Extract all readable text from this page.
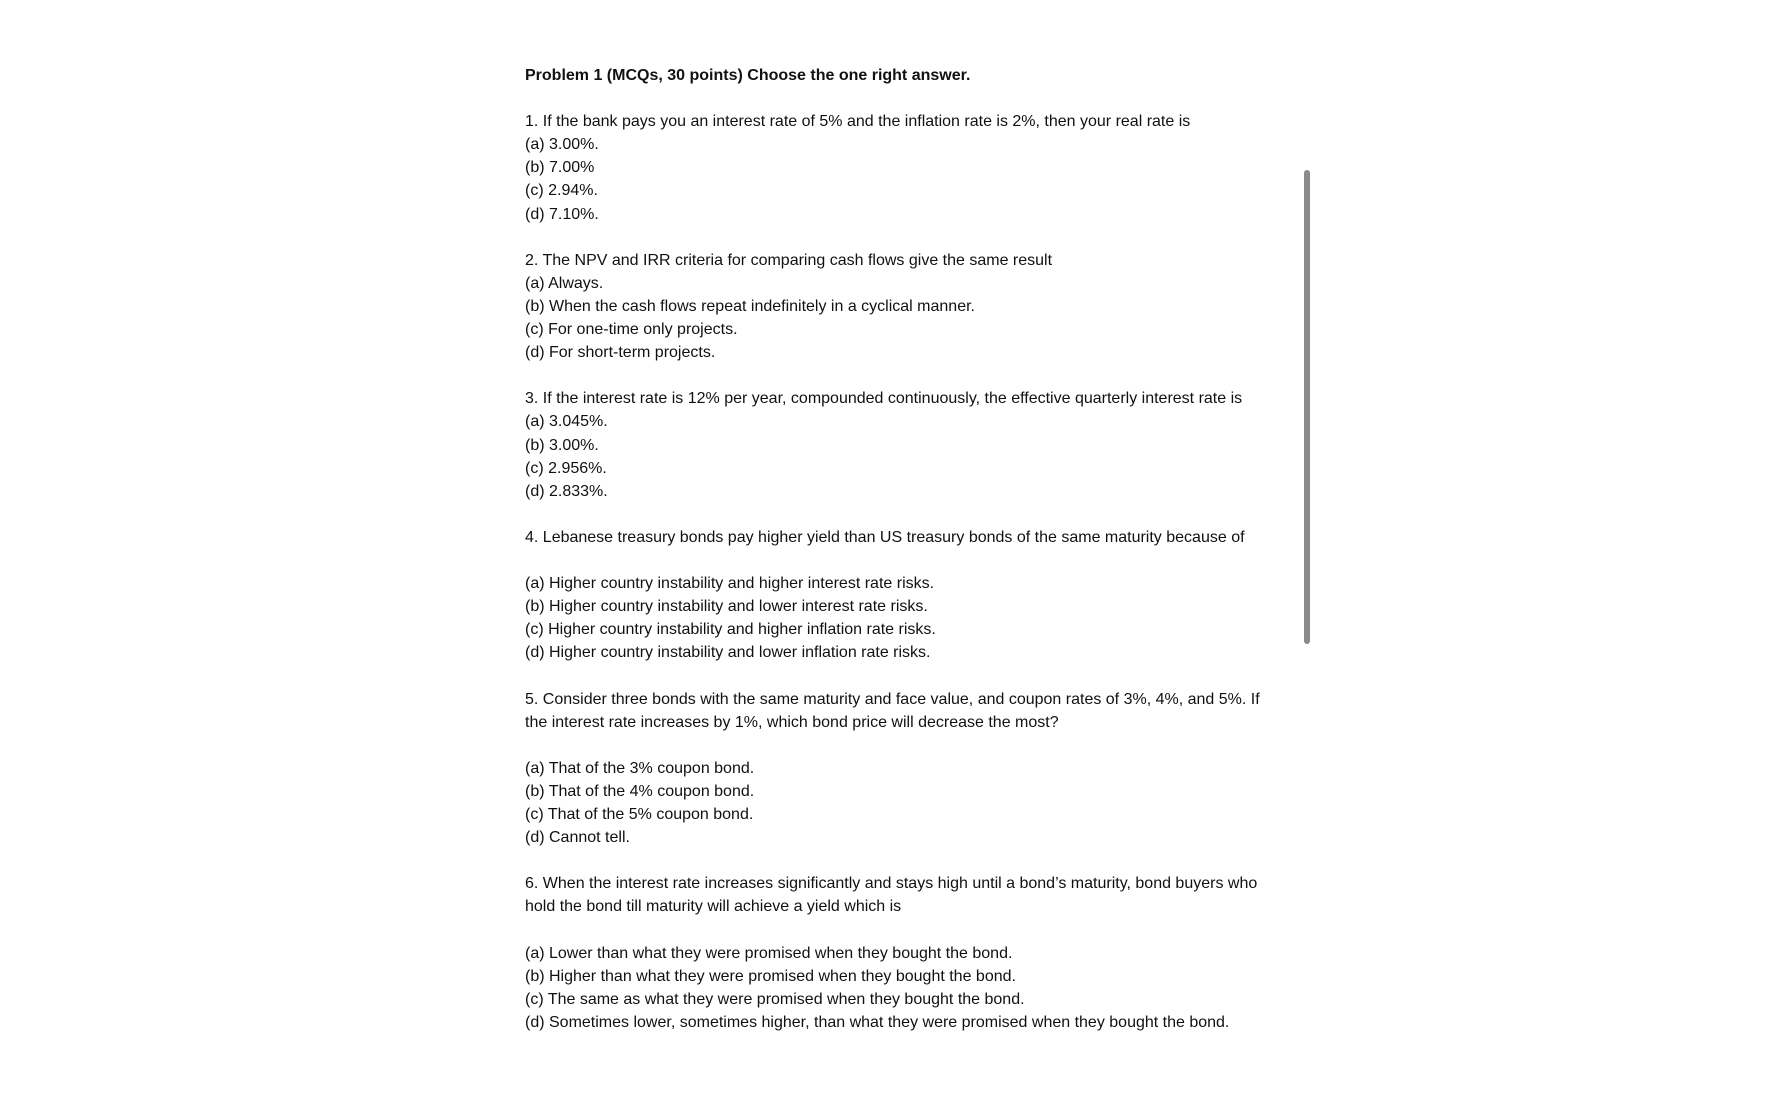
Problem 1 (MCQs, 30 points) Choose the one right answer.

1. If the bank pays you an interest rate of 5% and the inflation rate is 2%, then your real rate is

(a) 3.00%.

(b) 7.00%

(c) 2.94%.

(d) 7.10%.

2. The NPV and IRR criteria for comparing cash flows give the same result

(a) Always.

(b) When the cash flows repeat indefinitely in a cyclical manner.

(c) For one-time only projects.

(d) For short-term projects.

3. If the interest rate is 12% per year, compounded continuously, the effective quarterly interest rate is

(a) 3.045%.

(b) 3.00%.

(c) 2.956%.

(d) 2.833%.

4. Lebanese treasury bonds pay higher yield than US treasury bonds of the same maturity because of

(a) Higher country instability and higher interest rate risks.

(b) Higher country instability and lower interest rate risks.

(c) Higher country instability and higher inflation rate risks.

(d) Higher country instability and lower inflation rate risks.

5. Consider three bonds with the same maturity and face value, and coupon rates of 3%, 4%, and 5%. If the interest rate increases by 1%, which bond price will decrease the most?

(a) That of the 3% coupon bond.

(b) That of the 4% coupon bond.

(c) That of the 5% coupon bond.

(d) Cannot tell.

6. When the interest rate increases significantly and stays high until a bond’s maturity, bond buyers who hold the bond till maturity will achieve a yield which is

(a) Lower than what they were promised when they bought the bond.

(b) Higher than what they were promised when they bought the bond.

(c) The same as what they were promised when they bought the bond.

(d) Sometimes lower, sometimes higher, than what they were promised when they bought the bond.
